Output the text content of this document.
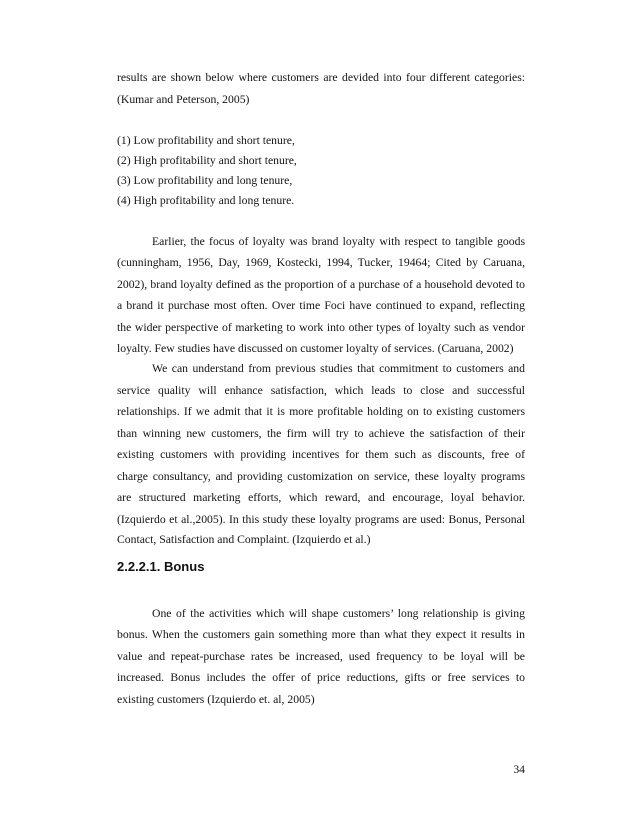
results are shown below where customers are devided into four different categories:
(Kumar and Peterson, 2005)
(1) Low profitability and short tenure,
(2) High profitability and short tenure,
(3) Low profitability and long tenure,
(4) High profitability and long tenure.
Earlier, the focus of loyalty was brand loyalty with respect to tangible goods
(cunningham, 1956, Day, 1969, Kostecki, 1994, Tucker, 19464; Cited by Caruana,
2002), brand loyalty defined as the proportion of a purchase of a household devoted to
a brand it purchase most often. Over time Foci have continued to expand, reflecting
the wider perspective of marketing to work into other types of loyalty such as vendor
loyalty. Few studies have discussed on customer loyalty of services. (Caruana, 2002)
We can understand from previous studies that commitment to customers and
service quality will enhance satisfaction, which leads to close and successful
relationships. If we admit that it is more profitable holding on to existing customers
than winning new customers, the firm will try to achieve the satisfaction of their
existing customers with providing incentives for them such as discounts, free of
charge consultancy, and providing customization on service, these loyalty programs
are structured marketing efforts, which reward, and encourage, loyal behavior.
(Izquierdo et al.,2005). In this study these loyalty programs are used: Bonus, Personal
Contact, Satisfaction and Complaint. (Izquierdo et al.)
2.2.2.1. Bonus
One of the activities which will shape customers’ long relationship is giving
bonus. When the customers gain something more than what they expect it results in
value and repeat-purchase rates be increased, used frequency to be loyal will be
increased. Bonus includes the offer of price reductions, gifts or free services to
existing customers (Izquierdo et. al, 2005)
34
